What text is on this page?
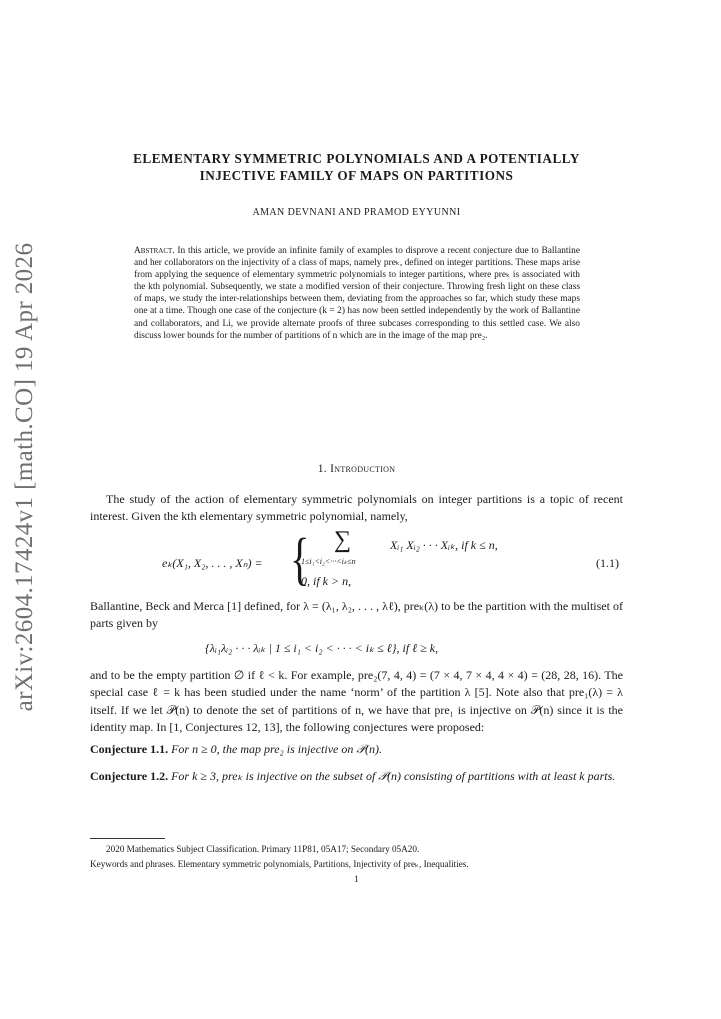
arXiv:2604.17424v1 [math.CO] 19 Apr 2026
ELEMENTARY SYMMETRIC POLYNOMIALS AND A POTENTIALLY
INJECTIVE FAMILY OF MAPS ON PARTITIONS
AMAN DEVNANI AND PRAMOD EYYUNNI
Abstract. In this article, we provide an infinite family of examples to disprove a recent conjecture due to Ballantine and her collaborators on the injectivity of a class of maps, namely preₖ, defined on integer partitions. These maps arise from applying the sequence of elementary symmetric polynomials to integer partitions, where preₖ is associated with the kth polynomial. Subsequently, we state a modified version of their conjecture. Throwing fresh light on these class of maps, we study the inter-relationships between them, deviating from the approaches so far, which study these maps one at a time. Though one case of the conjecture (k = 2) has now been settled independently by the work of Ballantine and collaborators, and Li, we provide alternate proofs of three subcases corresponding to this settled case. We also discuss lower bounds for the number of partitions of n which are in the image of the map pre₂.
1. Introduction
The study of the action of elementary symmetric polynomials on integer partitions is a topic of recent interest. Given the kth elementary symmetric polynomial, namely,
eₖ(X₁, X₂, . . . , Xₙ) = { ∑
1≤i₁<i₂<···<iₖ≤n
Xᵢ₁ Xᵢ₂ · · · Xᵢₖ, if k ≤ n,
0, if k > n,
(1.1)
Ballantine, Beck and Merca [1] defined, for λ = (λ₁, λ₂, . . . , λℓ), preₖ(λ) to be the partition with the multiset of parts given by
{λᵢ₁λᵢ₂ · · · λᵢₖ | 1 ≤ i₁ < i₂ < · · · < iₖ ≤ ℓ}, if ℓ ≥ k,
and to be the empty partition ∅ if ℓ < k. For example, pre₂(7, 4, 4) = (7 × 4, 7 × 4, 4 × 4) = (28, 28, 16). The special case ℓ = k has been studied under the name ‘norm’ of the partition λ [5]. Note also that pre₁(λ) = λ itself. If we let 𝒫(n) to denote the set of partitions of n, we have that pre₁ is injective on 𝒫(n) since it is the identity map. In [1, Conjectures 12, 13], the following conjectures were proposed:
Conjecture 1.1. For n ≥ 0, the map pre₂ is injective on 𝒫(n).
Conjecture 1.2. For k ≥ 3, preₖ is injective on the subset of 𝒫(n) consisting of partitions with at least k parts.
2020 Mathematics Subject Classification. Primary 11P81, 05A17; Secondary 05A20.
Keywords and phrases. Elementary symmetric polynomials, Partitions, Injectivity of preₖ, Inequalities.
1
